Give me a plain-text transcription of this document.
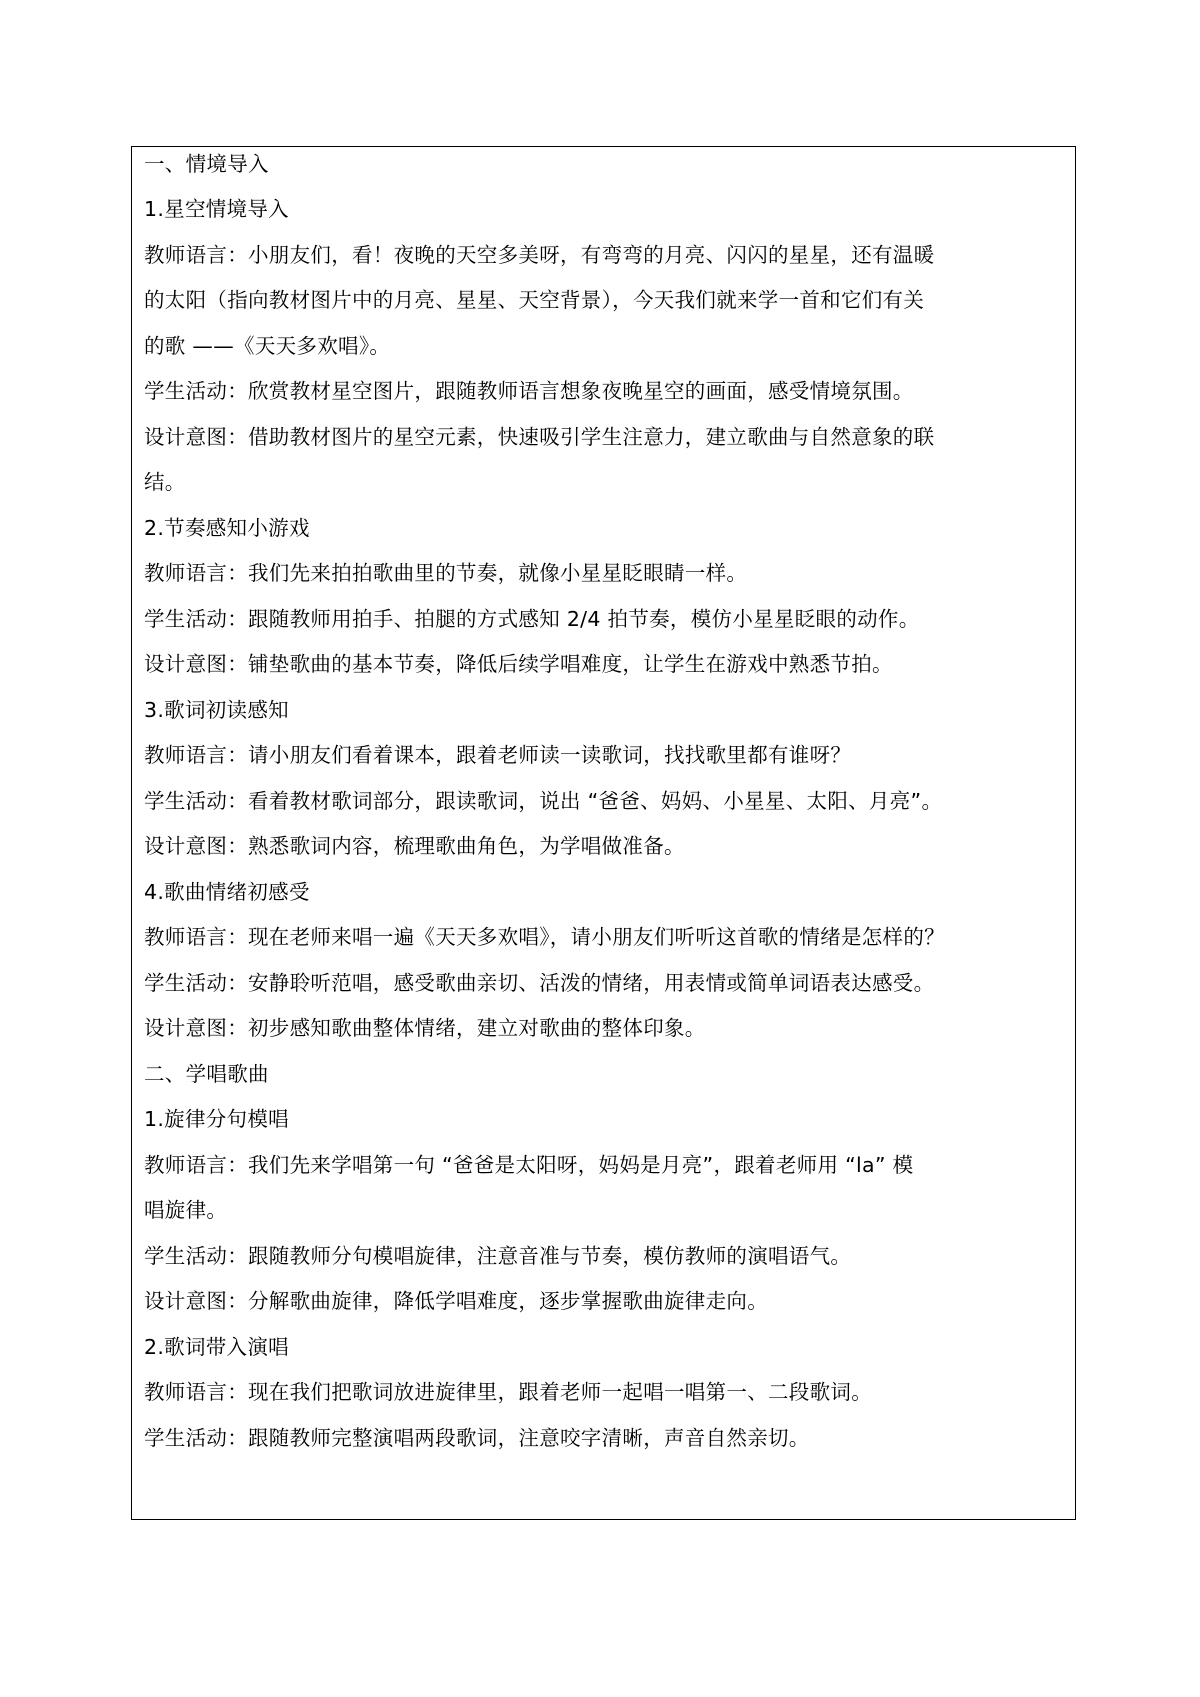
一、情境导入
1.星空情境导入
教师语言：小朋友们，看！夜晚的天空多美呀，有弯弯的月亮、闪闪的星星，还有温暖
的太阳（指向教材图片中的月亮、星星、天空背景），今天我们就来学一首和它们有关
的歌 ——《天天多欢唱》。
学生活动：欣赏教材星空图片，跟随教师语言想象夜晚星空的画面，感受情境氛围。
设计意图：借助教材图片的星空元素，快速吸引学生注意力，建立歌曲与自然意象的联
结。
2.节奏感知小游戏
教师语言：我们先来拍拍歌曲里的节奏，就像小星星眨眼睛一样。
学生活动：跟随教师用拍手、拍腿的方式感知 2/4 拍节奏，模仿小星星眨眼的动作。
设计意图：铺垫歌曲的基本节奏，降低后续学唱难度，让学生在游戏中熟悉节拍。
3.歌词初读感知
教师语言：请小朋友们看着课本，跟着老师读一读歌词，找找歌里都有谁呀？
学生活动：看着教材歌词部分，跟读歌词，说出 “爸爸、妈妈、小星星、太阳、月亮”。
设计意图：熟悉歌词内容，梳理歌曲角色，为学唱做准备。
4.歌曲情绪初感受
教师语言：现在老师来唱一遍《天天多欢唱》，请小朋友们听听这首歌的情绪是怎样的？
学生活动：安静聆听范唱，感受歌曲亲切、活泼的情绪，用表情或简单词语表达感受。
设计意图：初步感知歌曲整体情绪，建立对歌曲的整体印象。
二、学唱歌曲
1.旋律分句模唱
教师语言：我们先来学唱第一句 “爸爸是太阳呀，妈妈是月亮”，跟着老师用 “la” 模
唱旋律。
学生活动：跟随教师分句模唱旋律，注意音准与节奏，模仿教师的演唱语气。
设计意图：分解歌曲旋律，降低学唱难度，逐步掌握歌曲旋律走向。
2.歌词带入演唱
教师语言：现在我们把歌词放进旋律里，跟着老师一起唱一唱第一、二段歌词。
学生活动：跟随教师完整演唱两段歌词，注意咬字清晰，声音自然亲切。
